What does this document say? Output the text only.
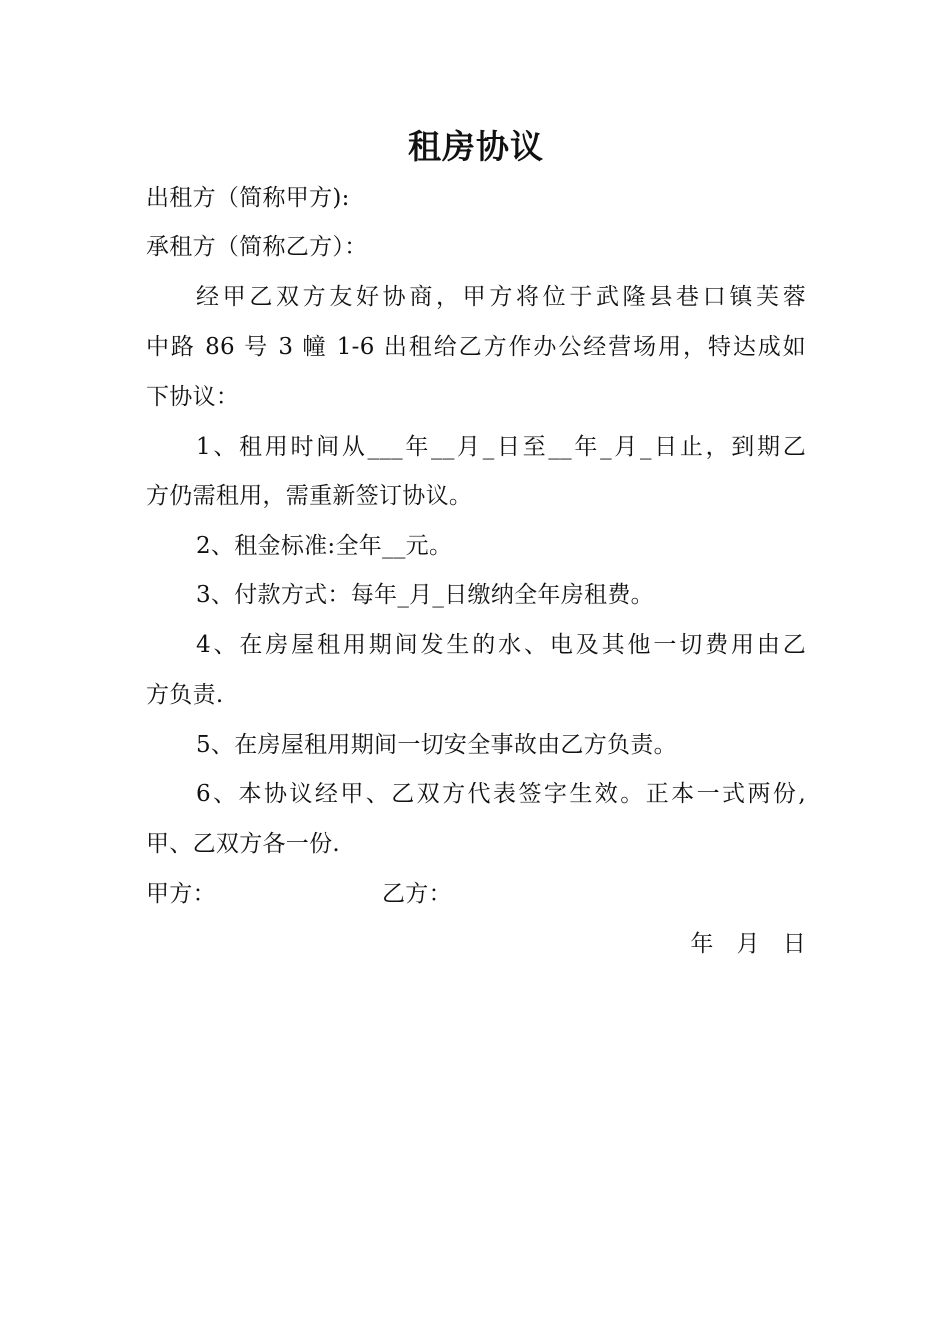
租房协议
出租方（简称甲方):
承租方（简称乙方）：
经甲乙双方友好协商，甲方将位于武隆县巷口镇芙蓉
中路 86 号 3 幢 1-6 出租给乙方作办公经营场用，特达成如
下协议：
1、租用时间从___年__月_日至__年_月_日止，到期乙
方仍需租用，需重新签订协议。
2、租金标准:全年__元。
3、付款方式：每年_月_日缴纳全年房租费。
4、在房屋租用期间发生的水、电及其他一切费用由乙
方负责.
5、在房屋租用期间一切安全事故由乙方负责。
6、本协议经甲、乙双方代表签字生效。正本一式两份,
甲、乙双方各一份.
甲方：	乙方：
年   月   日
